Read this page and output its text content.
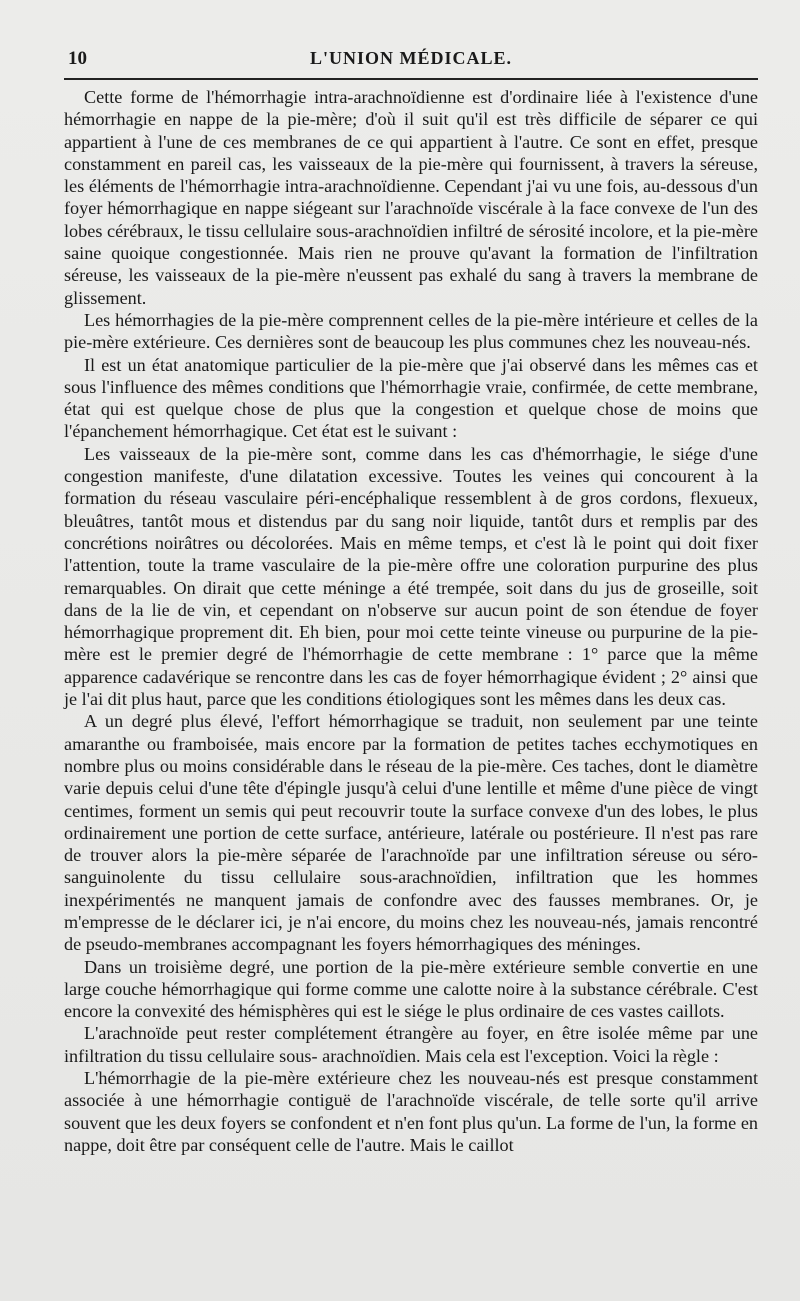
10	L'UNION MÉDICALE.

Cette forme de l'hémorrhagie intra-arachnoïdienne est d'ordinaire liée à l'existence d'une hémorrhagie en nappe de la pie-mère; d'où il suit qu'il est très difficile de séparer ce qui appartient à l'une de ces membranes de ce qui appartient à l'autre. Ce sont en effet, presque constamment en pareil cas, les vaisseaux de la pie-mère qui fournissent, à travers la séreuse, les éléments de l'hémorrhagie intra-arachnoïdienne. Cependant j'ai vu une fois, au-dessous d'un foyer hémorrhagique en nappe siégeant sur l'arachnoïde viscérale à la face convexe de l'un des lobes cérébraux, le tissu cellulaire sous-arachnoïdien infiltré de sérosité incolore, et la pie-mère saine quoique congestionnée. Mais rien ne prouve qu'avant la formation de l'infiltration séreuse, les vaisseaux de la pie-mère n'eussent pas exhalé du sang à travers la membrane de glissement.

Les hémorrhagies de la pie-mère comprennent celles de la pie-mère intérieure et celles de la pie-mère extérieure. Ces dernières sont de beaucoup les plus communes chez les nouveau-nés.

Il est un état anatomique particulier de la pie-mère que j'ai observé dans les mêmes cas et sous l'influence des mêmes conditions que l'hémorrhagie vraie, confirmée, de cette membrane, état qui est quelque chose de plus que la congestion et quelque chose de moins que l'épanchement hémorrhagique. Cet état est le suivant :

Les vaisseaux de la pie-mère sont, comme dans les cas d'hémorrhagie, le siége d'une congestion manifeste, d'une dilatation excessive. Toutes les veines qui concourent à la formation du réseau vasculaire péri-encéphalique ressemblent à de gros cordons, flexueux, bleuâtres, tantôt mous et distendus par du sang noir liquide, tantôt durs et remplis par des concrétions noirâtres ou décolorées. Mais en même temps, et c'est là le point qui doit fixer l'attention, toute la trame vasculaire de la pie-mère offre une coloration purpurine des plus remarquables. On dirait que cette méninge a été trempée, soit dans du jus de groseille, soit dans de la lie de vin, et cependant on n'observe sur aucun point de son étendue de foyer hémorrhagique proprement dit. Eh bien, pour moi cette teinte vineuse ou purpurine de la pie-mère est le premier degré de l'hémorrhagie de cette membrane : 1° parce que la même apparence cadavérique se rencontre dans les cas de foyer hémorrhagique évident ; 2° ainsi que je l'ai dit plus haut, parce que les conditions étiologiques sont les mêmes dans les deux cas.

A un degré plus élevé, l'effort hémorrhagique se traduit, non seulement par une teinte amaranthe ou framboisée, mais encore par la formation de petites taches ecchymotiques en nombre plus ou moins considérable dans le réseau de la pie-mère. Ces taches, dont le diamètre varie depuis celui d'une tête d'épingle jusqu'à celui d'une lentille et même d'une pièce de vingt centimes, forment un semis qui peut recouvrir toute la surface convexe d'un des lobes, le plus ordinairement une portion de cette surface, antérieure, latérale ou postérieure. Il n'est pas rare de trouver alors la pie-mère séparée de l'arachnoïde par une infiltration séreuse ou séro-sanguinolente du tissu cellulaire sous-arachnoïdien, infiltration que les hommes inexpérimentés ne manquent jamais de confondre avec des fausses membranes. Or, je m'empresse de le déclarer ici, je n'ai encore, du moins chez les nouveau-nés, jamais rencontré de pseudo-membranes accompagnant les foyers hémorrhagiques des méninges.

Dans un troisième degré, une portion de la pie-mère extérieure semble convertie en une large couche hémorrhagique qui forme comme une calotte noire à la substance cérébrale. C'est encore la convexité des hémisphères qui est le siége le plus ordinaire de ces vastes caillots.

L'arachnoïde peut rester complétement étrangère au foyer, en être isolée même par une infiltration du tissu cellulaire sous- arachnoïdien. Mais cela est l'exception. Voici la règle :

L'hémorrhagie de la pie-mère extérieure chez les nouveau-nés est presque constamment associée à une hémorrhagie contiguë de l'arachnoïde viscérale, de telle sorte qu'il arrive souvent que les deux foyers se confondent et n'en font plus qu'un. La forme de l'un, la forme en nappe, doit être par conséquent celle de l'autre. Mais le caillot
